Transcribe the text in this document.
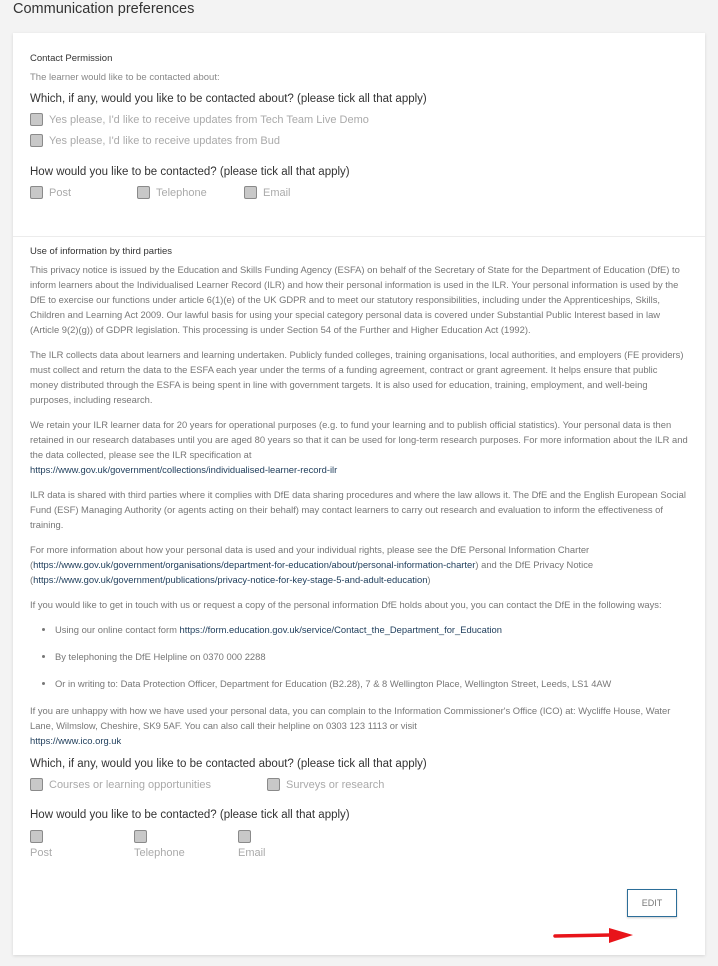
Communication preferences
Contact Permission
The learner would like to be contacted about:
Which, if any, would you like to be contacted about? (please tick all that apply)
Yes please, I'd like to receive updates from Tech Team Live Demo
Yes please, I'd like to receive updates from Bud
How would you like to be contacted? (please tick all that apply)
Post	Telephone	Email
Use of information by third parties

This privacy notice is issued by the Education and Skills Funding Agency (ESFA) on behalf of the Secretary of State for the Department of Education (DfE) to inform learners about the Individualised Learner Record (ILR) and how their personal information is used in the ILR. Your personal information is used by the DfE to exercise our functions under article 6(1)(e) of the UK GDPR and to meet our statutory responsibilities, including under the Apprenticeships, Skills, Children and Learning Act 2009. Our lawful basis for using your special category personal data is covered under Substantial Public Interest based in law (Article 9(2)(g)) of GDPR legislation. This processing is under Section 54 of the Further and Higher Education Act (1992).

The ILR collects data about learners and learning undertaken. Publicly funded colleges, training organisations, local authorities, and employers (FE providers) must collect and return the data to the ESFA each year under the terms of a funding agreement, contract or grant agreement. It helps ensure that public money distributed through the ESFA is being spent in line with government targets. It is also used for education, training, employment, and well-being purposes, including research.

We retain your ILR learner data for 20 years for operational purposes (e.g. to fund your learning and to publish official statistics). Your personal data is then retained in our research databases until you are aged 80 years so that it can be used for long-term research purposes. For more information about the ILR and the data collected, please see the ILR specification at
https://www.gov.uk/government/collections/individualised-learner-record-ilr

ILR data is shared with third parties where it complies with DfE data sharing procedures and where the law allows it. The DfE and the English European Social Fund (ESF) Managing Authority (or agents acting on their behalf) may contact learners to carry out research and evaluation to inform the effectiveness of training.

For more information about how your personal data is used and your individual rights, please see the DfE Personal Information Charter (https://www.gov.uk/government/organisations/department-for-education/about/personal-information-charter) and the DfE Privacy Notice (https://www.gov.uk/government/publications/privacy-notice-for-key-stage-5-and-adult-education)

If you would like to get in touch with us or request a copy of the personal information DfE holds about you, you can contact the DfE in the following ways:

• Using our online contact form https://form.education.gov.uk/service/Contact_the_Department_for_Education
• By telephoning the DfE Helpline on 0370 000 2288
• Or in writing to: Data Protection Officer, Department for Education (B2.28), 7 & 8 Wellington Place, Wellington Street, Leeds, LS1 4AW

If you are unhappy with how we have used your personal data, you can complain to the Information Commissioner's Office (ICO) at: Wycliffe House, Water Lane, Wilmslow, Cheshire, SK9 5AF. You can also call their helpline on 0303 123 1113 or visit
https://www.ico.org.uk

Which, if any, would you like to be contacted about? (please tick all that apply)
Courses or learning opportunities	Surveys or research
How would you like to be contacted? (please tick all that apply)
Post	Telephone	Email
EDIT
